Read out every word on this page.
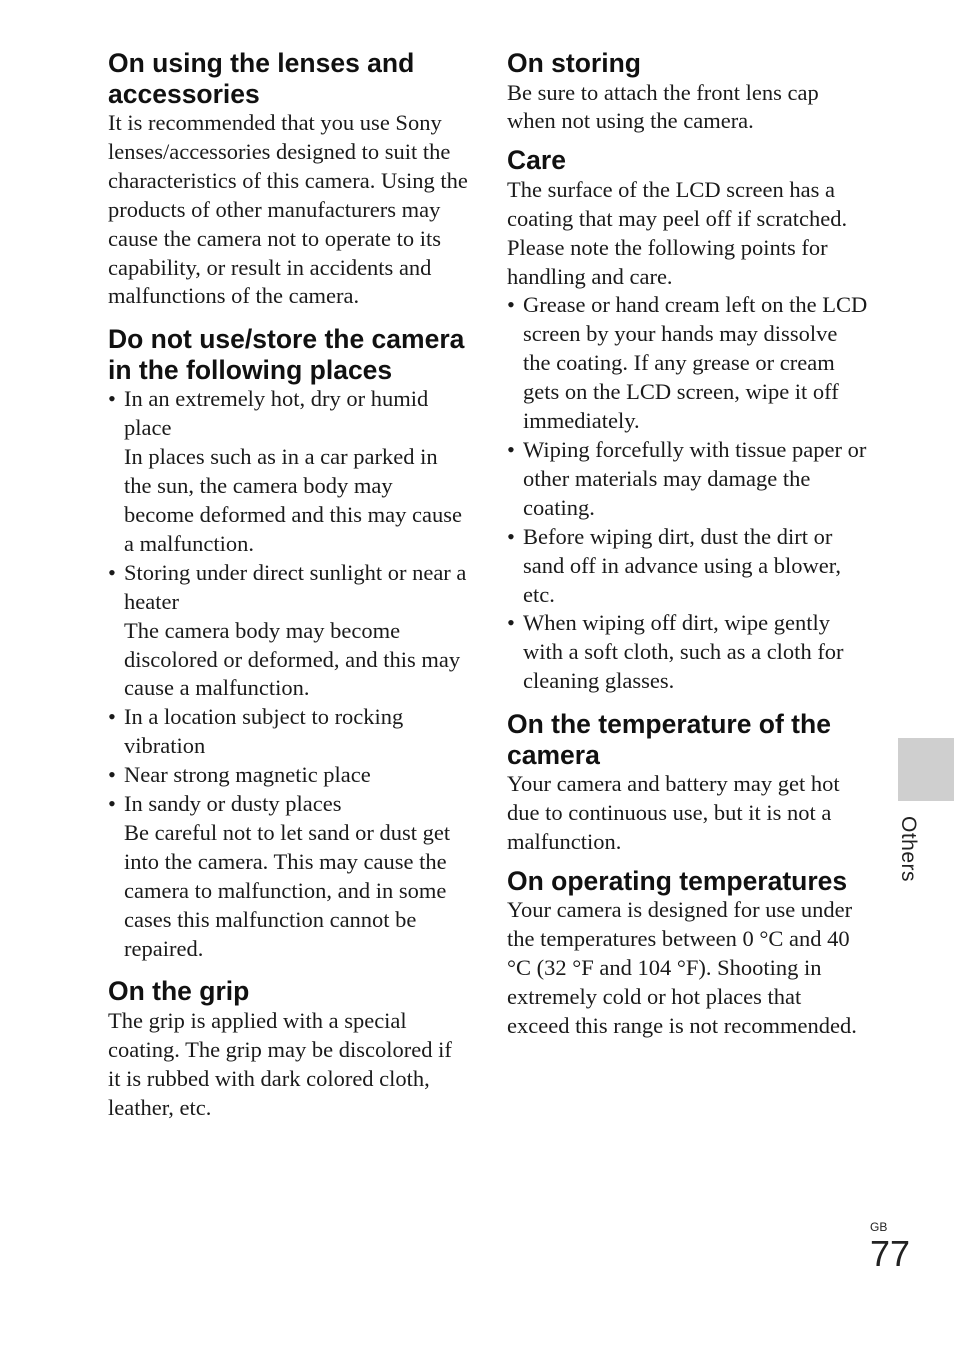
On using the lenses and accessories

It is recommended that you use Sony lenses/accessories designed to suit the characteristics of this camera. Using the products of other manufacturers may cause the camera not to operate to its capability, or result in accidents and malfunctions of the camera.

Do not use/store the camera in the following places
• In an extremely hot, dry or humid place
In places such as in a car parked in the sun, the camera body may become deformed and this may cause a malfunction.
• Storing under direct sunlight or near a heater
The camera body may become discolored or deformed, and this may cause a malfunction.
• In a location subject to rocking vibration
• Near strong magnetic place
• In sandy or dusty places
Be careful not to let sand or dust get into the camera. This may cause the camera to malfunction, and in some cases this malfunction cannot be repaired.
On the grip

The grip is applied with a special coating. The grip may be discolored if it is rubbed with dark colored cloth, leather, etc.

On storing

Be sure to attach the front lens cap when not using the camera.

Care

The surface of the LCD screen has a coating that may peel off if scratched.

Please note the following points for handling and care.

• Grease or hand cream left on the LCD screen by your hands may dissolve the coating. If any grease or cream gets on the LCD screen, wipe it off immediately.
• Wiping forcefully with tissue paper or other materials may damage the coating.
• Before wiping dirt, dust the dirt or sand off in advance using a blower, etc.
• When wiping off dirt, wipe gently with a soft cloth, such as a cloth for cleaning glasses.
On the temperature of the camera

Your camera and battery may get hot due to continuous use, but it is not a malfunction.

On operating temperatures

Your camera is designed for use under the temperatures between 0 °C and 40 °C (32 °F and 104 °F). Shooting in extremely cold or hot places that exceed this range is not recommended.

Others
GB
77
